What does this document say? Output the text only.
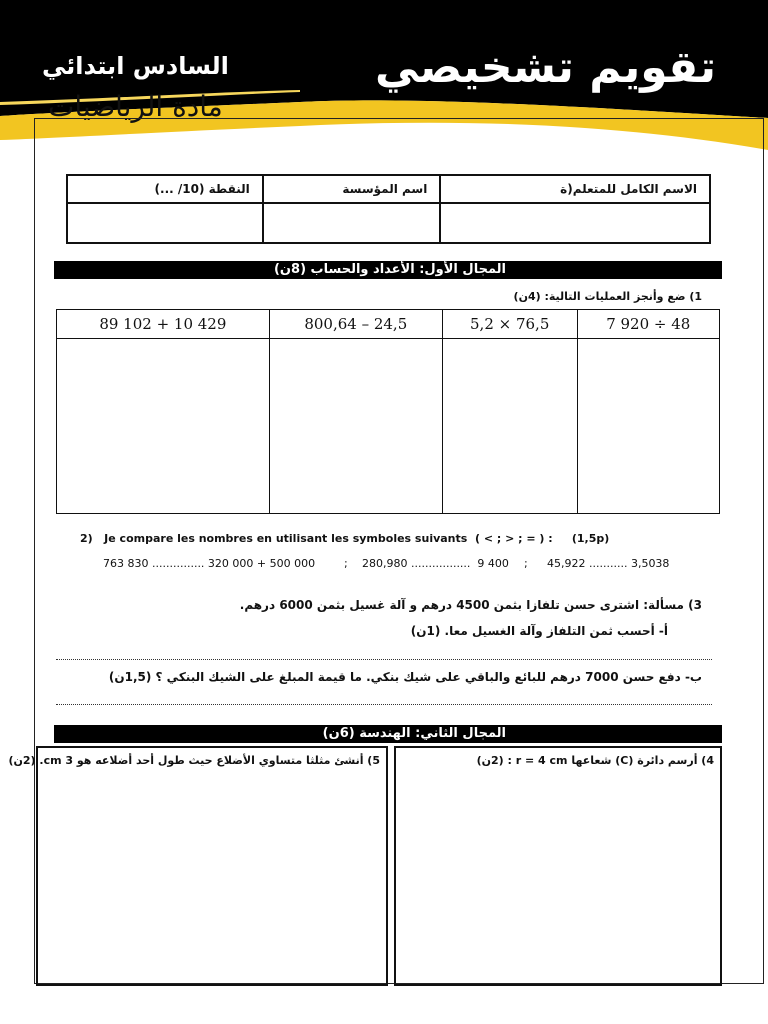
تقويم تشخيصي
السادس ابتدائي
مادة الرياضيات
الاسم الكامل للمتعلم(ة	اسم المؤسسة	النقطة (10/ ...)

المجال الأول: الأعداد والحساب (8ن)
1) ضع وأنجز العمليات التالية: (4ن)
7 920 ÷ 48	5,2 × 76,5	800,64 – 24,5	89 102 + 10 429

2)   Je compare les nombres en utilisant les symboles suivants  ( < ; > ; = ) :     (1,5p)
763 830 ............... 320 000 + 500 000	; 280,980 .................  9 400 ; 45,922 ........... 3,5038
3) مسألة: اشترى حسن تلفازا بثمن 4500 درهم و آلة غسيل بثمن 6000 درهم.
أ- أحسب ثمن التلفاز وآلة الغسيل معا. (1ن)
ب- دفع حسن 7000 درهم للبائع والباقي على شيك بنكي. ما قيمة المبلغ على الشيك البنكي ؟ (1,5ن)
المجال الثاني: الهندسة (6ن)
4) أرسم دائرة (C) شعاعها r = 4 cm : (2ن)
5) أنشئ مثلثا متساوي الأضلاع حيث طول أحد أضلاعه هو 3 cm. (2ن)
